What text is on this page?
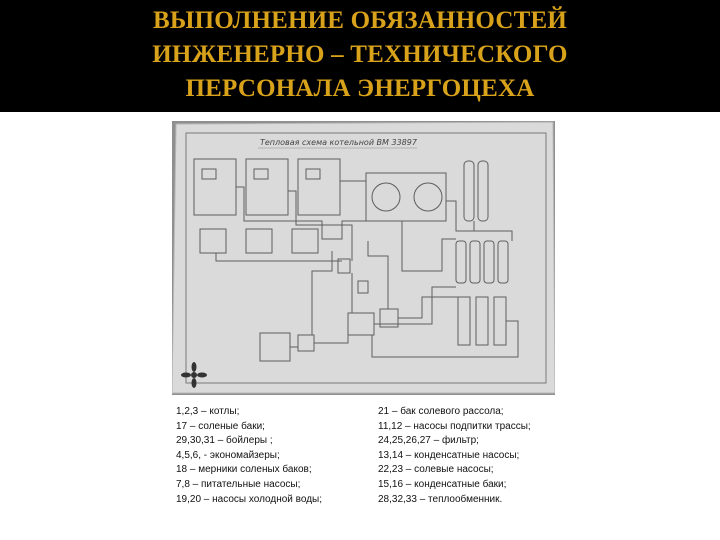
ВЫПОЛНЕНИЕ ОБЯЗАННОСТЕЙ
ИНЖЕНЕРНО – ТЕХНИЧЕСКОГО
ПЕРСОНАЛА ЭНЕРГОЦЕХА
Тепловая схема котельной ВМ 33897
1,2,3 – котлы;
17 – соленые баки;
29,30,31 – бойлеры ;
4,5,6, - экономайзеры;
18 – мерники соленых баков;
7,8 – питательные насосы;
19,20 – насосы холодной воды;
21 – бак солевого рассола;
11,12 – насосы подпитки трассы;
24,25,26,27 – фильтр;
13,14 – конденсатные насосы;
22,23 – солевые насосы;
15,16 – конденсатные баки;
28,32,33 – теплообменник.
